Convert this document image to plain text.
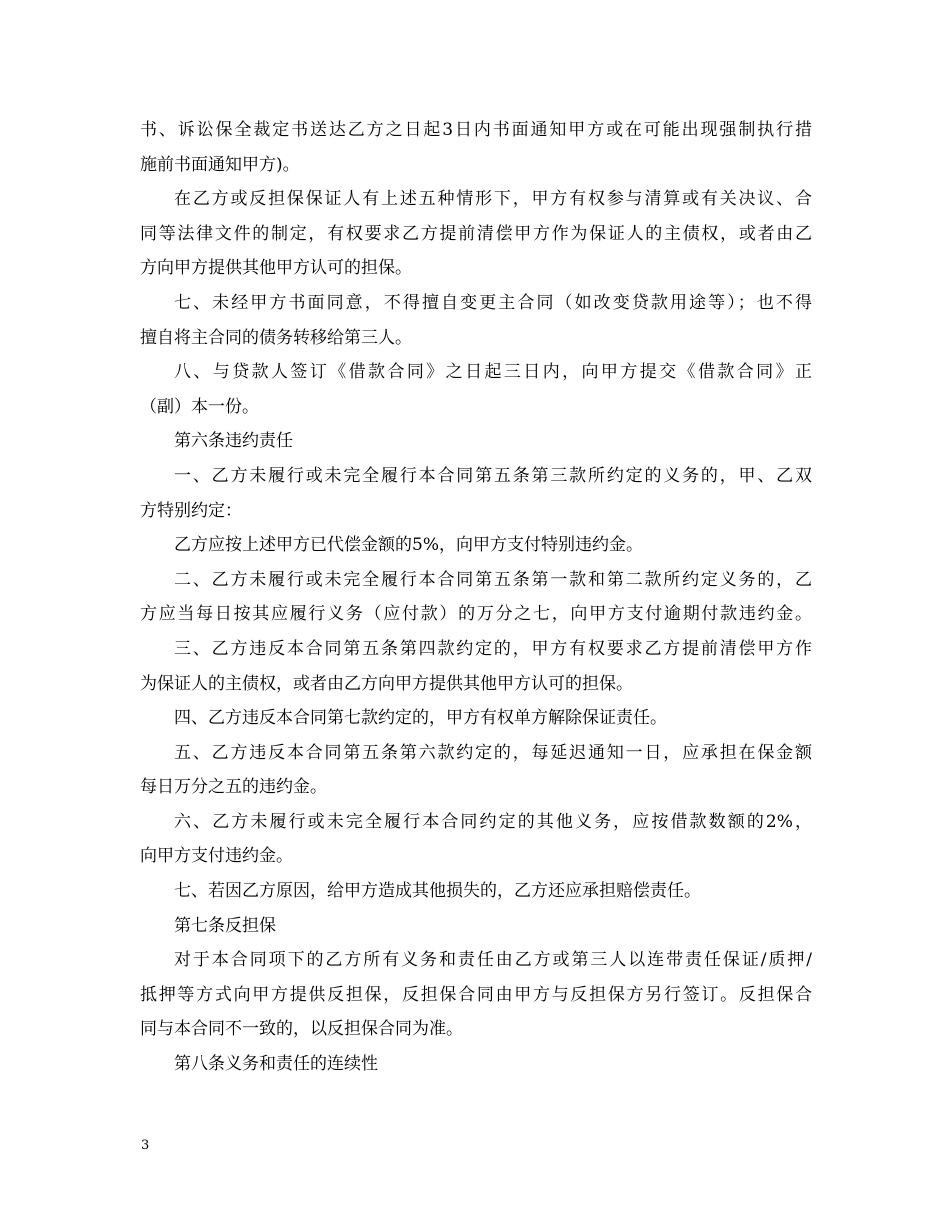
书、诉讼保全裁定书送达乙方之日起3日内书面通知甲方或在可能出现强制执行措
施前书面通知甲方)。
在乙方或反担保保证人有上述五种情形下，甲方有权参与清算或有关决议、合
同等法律文件的制定，有权要求乙方提前清偿甲方作为保证人的主债权，或者由乙
方向甲方提供其他甲方认可的担保。
七、未经甲方书面同意，不得擅自变更主合同（如改变贷款用途等）；也不得
擅自将主合同的债务转移给第三人。
八、与贷款人签订《借款合同》之日起三日内，向甲方提交《借款合同》正
（副）本一份。
第六条违约责任
一、乙方未履行或未完全履行本合同第五条第三款所约定的义务的，甲、乙双
方特别约定：
乙方应按上述甲方已代偿金额的5%，向甲方支付特别违约金。
二、乙方未履行或未完全履行本合同第五条第一款和第二款所约定义务的，乙
方应当每日按其应履行义务（应付款）的万分之七，向甲方支付逾期付款违约金。
三、乙方违反本合同第五条第四款约定的，甲方有权要求乙方提前清偿甲方作
为保证人的主债权，或者由乙方向甲方提供其他甲方认可的担保。
四、乙方违反本合同第七款约定的，甲方有权单方解除保证责任。
五、乙方违反本合同第五条第六款约定的，每延迟通知一日，应承担在保金额
每日万分之五的违约金。
六、乙方未履行或未完全履行本合同约定的其他义务，应按借款数额的2%，
向甲方支付违约金。
七、若因乙方原因，给甲方造成其他损失的，乙方还应承担赔偿责任。
第七条反担保
对于本合同项下的乙方所有义务和责任由乙方或第三人以连带责任保证/质押/
抵押等方式向甲方提供反担保，反担保合同由甲方与反担保方另行签订。反担保合
同与本合同不一致的，以反担保合同为准。
第八条义务和责任的连续性
3
